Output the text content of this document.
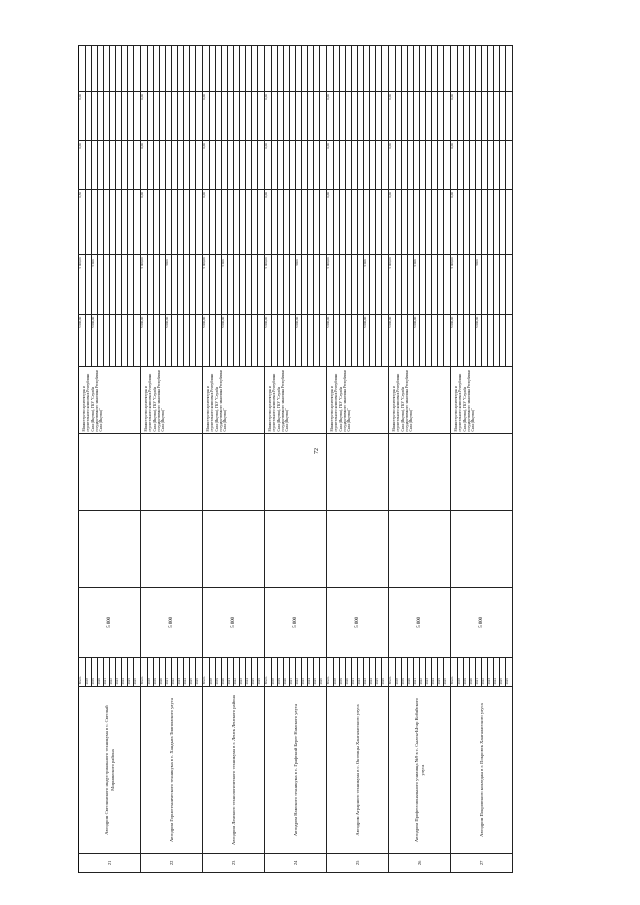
72
21	Автодром Светлинского индустриального техникума в с. Светлый Мирнинского района	Всего	5 000			Министерство архитектуры и строительного комплекса Республики Саха (Якутия), ГКУ "Служба государственного заказчика Республики Саха (Якутия)"	5 000,00	5 000,00	0,50	0,00	0,00	
		2018										
		2019					5 000,00	5 000				
		2020										
		2021										
		2022										
		2023										
		2024										
		2025										
		2026										
22	Автодром Горнотехнического техникума в с. Хандыга Томпонского улуса	Всего	5 000			Министерство архитектуры и строительного комплекса Республики Саха (Якутия), ГКУ "Служба государственного заказчика Республики Саха (Якутия)"	5 000,00	5 000,00	0,00	0,00	0,00	
		2018										
		2019										
		2020										
		2021					5 000,00	5000				
		2022										
		2023										
		2024										
		2025										
		2026										
23	Автодром Ленского технологического техникума в г. Ленск Ленского района	Всего	5 000			Министерство архитектуры и строительного комплекса Республики Саха (Якутия), ГКУ "Служба государственного заказчика Республики Саха (Якутия)"	5 000,00	5 000,00	0,00	0,00	0,00	
		2018										
		2019										
		2020					5 000,00	5 000				
		2021										
		2022										
		2023										
		2024										
		2025										
		2026										
24	Автодром Намского техникума в с. Графский Берег Намского улуса	Всего	5 000			Министерство архитектуры и строительного комплекса Республики Саха (Якутия), ГКУ "Служба государственного заказчика Республики Саха (Якутия)"	5 000,00	5 000,00	0,00	0,00	0,00	
		2018										
		2019										
		2020										
		2021										
		2022					5 000,00	5000				
		2023										
		2024										
		2025										
		2026										
25	Автодром Аграрного техникума в с. Октемцы Хангаласского улуса	Всего	5 000			Министерство архитектуры и строительного комплекса Республики Саха (Якутия), ГКУ "Служба государственного заказчика Республики Саха (Якутия)"	5 000,00	5 000,00	0,00	0,00	0,00	
		2018										
		2019										
		2020										
		2021										
		2022										
		2023					5 000,00	5 000				
		2024										
		2025										
		2026										
26	Автодром Профессионального училища №9 в с. Сылгы-Ытар Кобяйского улуса	Всего	5 000			Министерство архитектуры и строительного комплекса Республики Саха (Якутия), ГКУ "Служба государственного заказчика Республики Саха (Якутия)"	5 000,00	5 000,00	0,00	0,00	0,00	
		2018										
		2019										
		2020										
		2021					5 000,00	5 000				
		2022										
		2023										
		2024										
		2025										
		2026										
27	Автодром Покровского колледжа в г. Покровск Хангаласского улуса	Всего	5 000			Министерство архитектуры и строительного комплекса Республики Саха (Якутия), ГКУ "Служба государственного заказчика Республики Саха (Якутия)"	5 000,00	5 000,00	0,00	0,00	0,00	
		2018										
		2019										
		2020										
		2021					5 000,00	5000				
		2022										
		2023										
		2024										
		2025										
		2026										
